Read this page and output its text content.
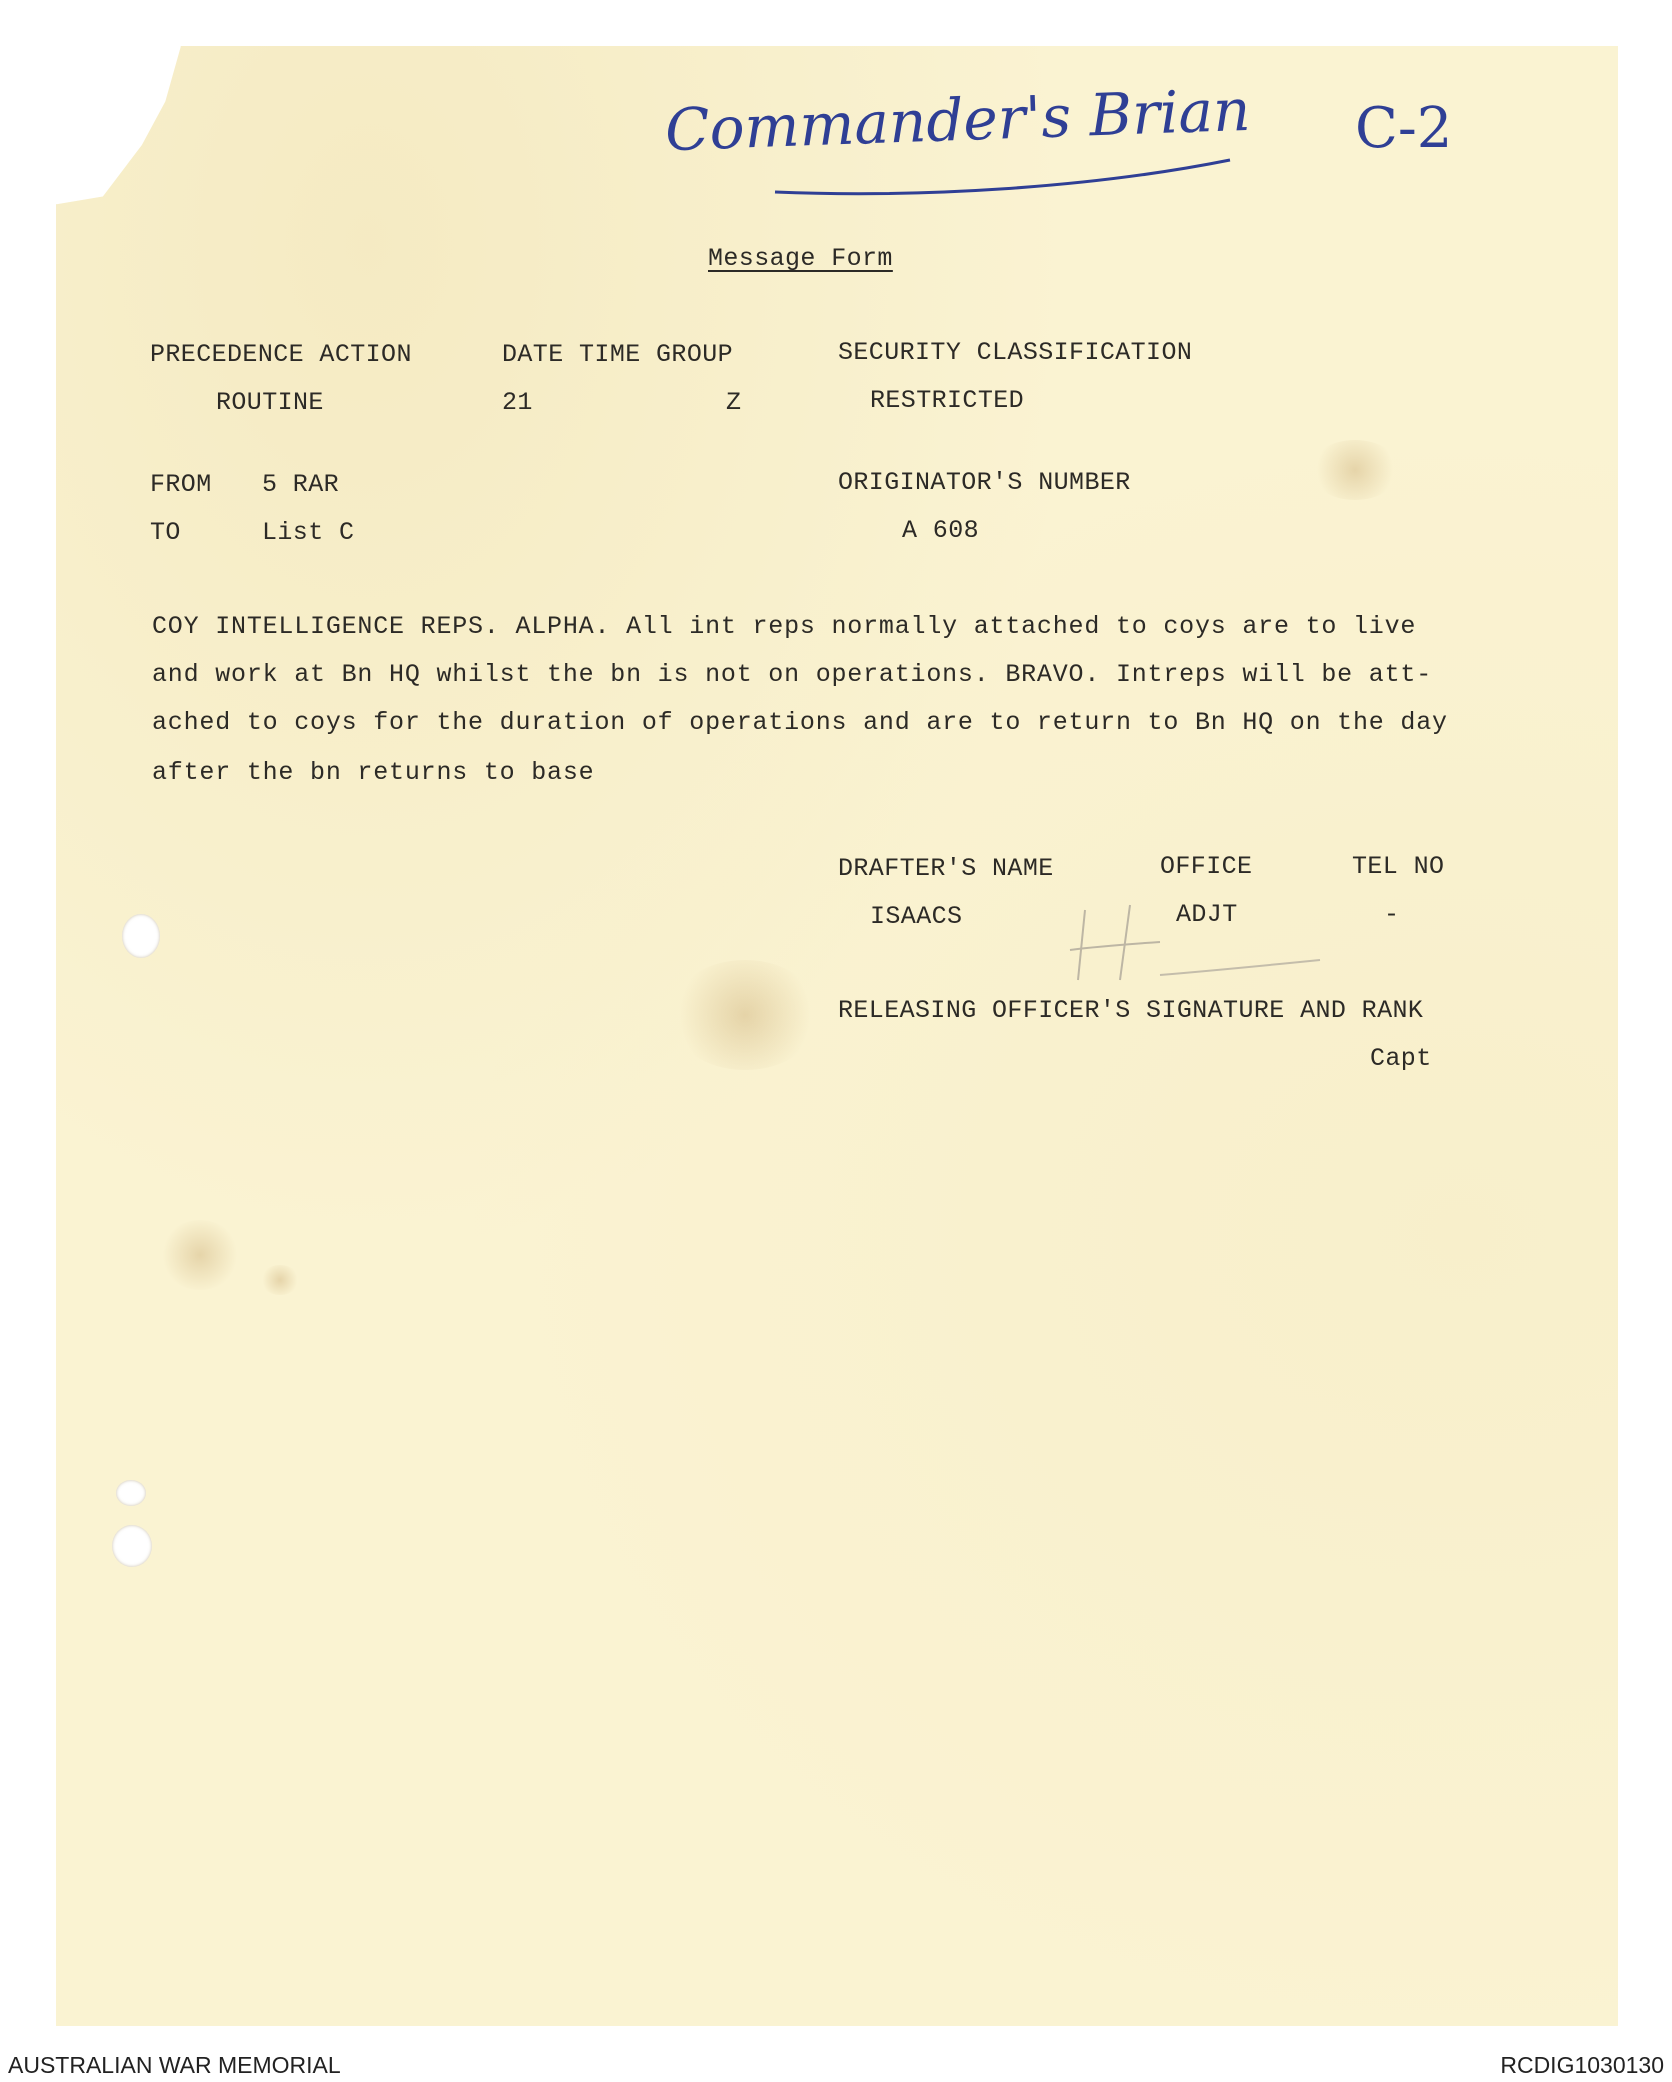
Commander's Brian C-2
Message Form
PRECEDENCE ACTION	DATE TIME GROUP	SECURITY CLASSIFICATION
ROUTINE	21	Z	RESTRICTED
FROM 5 RAR	ORIGINATOR'S NUMBER
TO	List C	A 608
COY INTELLIGENCE REPS. ALPHA. All int reps normally attached to coys are to live
and work at Bn HQ whilst the bn is not on operations. BRAVO. Intreps will be att-
ached to coys for the duration of operations and are to return to Bn HQ on the day
after the bn returns to base
DRAFTER'S NAME	OFFICE	TEL NO
ISAACS	ADJT	-
RELEASING OFFICER'S SIGNATURE AND RANK
Capt
AUSTRALIAN WAR MEMORIAL	RCDIG1030130
